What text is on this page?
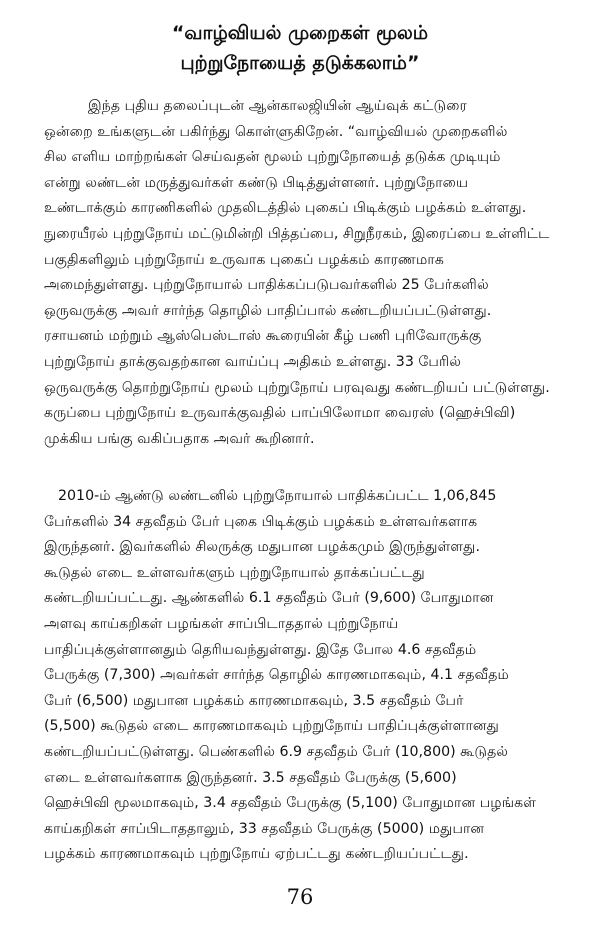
“வாழ்வியல் முறைகள் மூலம்
புற்றுநோயைத் தடுக்கலாம்”
இந்த புதிய தலைப்புடன் ஆன்காலஜியின் ஆய்வுக் கட்டுரை
ஒன்றை உங்களுடன் பகிர்ந்து கொள்ளுகிறேன். “வாழ்வியல் முறைகளில்
சில எளிய மாற்றங்கள் செய்வதன் மூலம் புற்றுநோயைத் தடுக்க முடியும்
என்று லண்டன் மருத்துவர்கள் கண்டு பிடித்துள்ளனர். புற்றுநோயை
உண்டாக்கும் காரணிகளில் முதலிடத்தில் புகைப் பிடிக்கும் பழக்கம் உள்ளது.
நுரையீரல் புற்றுநோய் மட்டுமின்றி பித்தப்பை, சிறுநீரகம், இரைப்பை உள்ளிட்ட
பகுதிகளிலும் புற்றுநோய் உருவாக புகைப் பழக்கம் காரணமாக
அமைந்துள்ளது. புற்றுநோயால் பாதிக்கப்படுபவர்களில் 25 பேர்களில்
ஒருவருக்கு அவர் சார்ந்த தொழில் பாதிப்பால் கண்டறியப்பட்டுள்ளது.
ரசாயனம் மற்றும் ஆஸ்பெஸ்டாஸ் கூரையின் கீழ் பணி புரிவோருக்கு
புற்றுநோய் தாக்குவதற்கான வாய்ப்பு அதிகம் உள்ளது. 33 பேரில்
ஒருவருக்கு தொற்றுநோய் மூலம் புற்றுநோய் பரவுவது கண்டறியப் பட்டுள்ளது.
கருப்பை புற்றுநோய் உருவாக்குவதில் பாப்பிலோமா வைரஸ் (ஹெச்பிவி)
முக்கிய பங்கு வகிப்பதாக அவர் கூறினார்.
2010-ம் ஆண்டு லண்டனில் புற்றுநோயால் பாதிக்கப்பட்ட 1,06,845
பேர்களில் 34 சதவீதம் பேர் புகை பிடிக்கும் பழக்கம் உள்ளவர்களாக
இருந்தனர். இவர்களில் சிலருக்கு மதுபான பழக்கமும் இருந்துள்ளது.
கூடுதல் எடை உள்ளவர்களும் புற்றுநோயால் தாக்கப்பட்டது
கண்டறியப்பட்டது. ஆண்களில் 6.1 சதவீதம் பேர் (9,600) போதுமான
அளவு காய்கறிகள் பழங்கள் சாப்பிடாததால் புற்றுநோய்
பாதிப்புக்குள்ளானதும் தெரியவந்துள்ளது. இதே போல 4.6 சதவீதம்
பேருக்கு (7,300) அவர்கள் சார்ந்த தொழில் காரணமாகவும், 4.1 சதவீதம்
பேர் (6,500) மதுபான பழக்கம் காரணமாகவும், 3.5 சதவீதம் பேர்
(5,500) கூடுதல் எடை காரணமாகவும் புற்றுநோய் பாதிப்புக்குள்ளானது
கண்டறியப்பட்டுள்ளது. பெண்களில் 6.9 சதவீதம் பேர் (10,800) கூடுதல்
எடை உள்ளவர்களாக இருந்தனர். 3.5 சதவீதம் பேருக்கு (5,600)
ஹெச்பிவி மூலமாகவும், 3.4 சதவீதம் பேருக்கு (5,100) போதுமான பழங்கள்
காய்கறிகள் சாப்பிடாததாலும், 33 சதவீதம் பேருக்கு (5000) மதுபான
பழக்கம் காரணமாகவும் புற்றுநோய் ஏற்பட்டது கண்டறியப்பட்டது.
76
